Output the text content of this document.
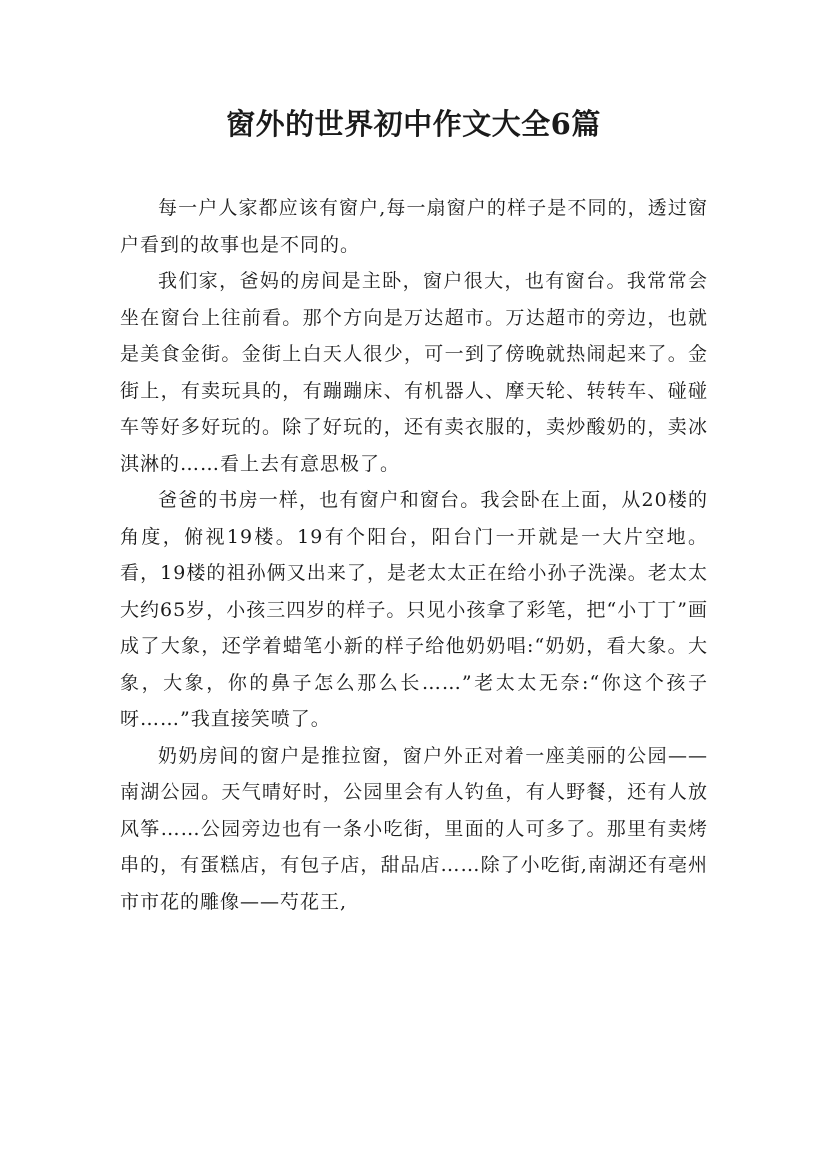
窗外的世界初中作文大全6篇

每一户人家都应该有窗户,每一扇窗户的样子是不同的，透过窗户看到的故事也是不同的。

我们家，爸妈的房间是主卧，窗户很大，也有窗台。我常常会坐在窗台上往前看。那个方向是万达超市。万达超市的旁边，也就是美食金街。金街上白天人很少，可一到了傍晚就热闹起来了。金街上，有卖玩具的，有蹦蹦床、有机器人、摩天轮、转转车、碰碰车等好多好玩的。除了好玩的，还有卖衣服的，卖炒酸奶的，卖冰淇淋的……看上去有意思极了。

爸爸的书房一样，也有窗户和窗台。我会卧在上面，从20楼的角度，俯视19楼。19有个阳台，阳台门一开就是一大片空地。看，19楼的祖孙俩又出来了，是老太太正在给小孙子洗澡。老太太大约65岁，小孩三四岁的样子。只见小孩拿了彩笔，把“小丁丁”画成了大象，还学着蜡笔小新的样子给他奶奶唱:“奶奶，看大象。大象，大象，你的鼻子怎么那么长……”老太太无奈:“你这个孩子呀……”我直接笑喷了。

奶奶房间的窗户是推拉窗，窗户外正对着一座美丽的公园——南湖公园。天气晴好时，公园里会有人钓鱼，有人野餐，还有人放风筝……公园旁边也有一条小吃街，里面的人可多了。那里有卖烤串的，有蛋糕店，有包子店，甜品店……除了小吃街,南湖还有亳州市市花的雕像——芍花王,
